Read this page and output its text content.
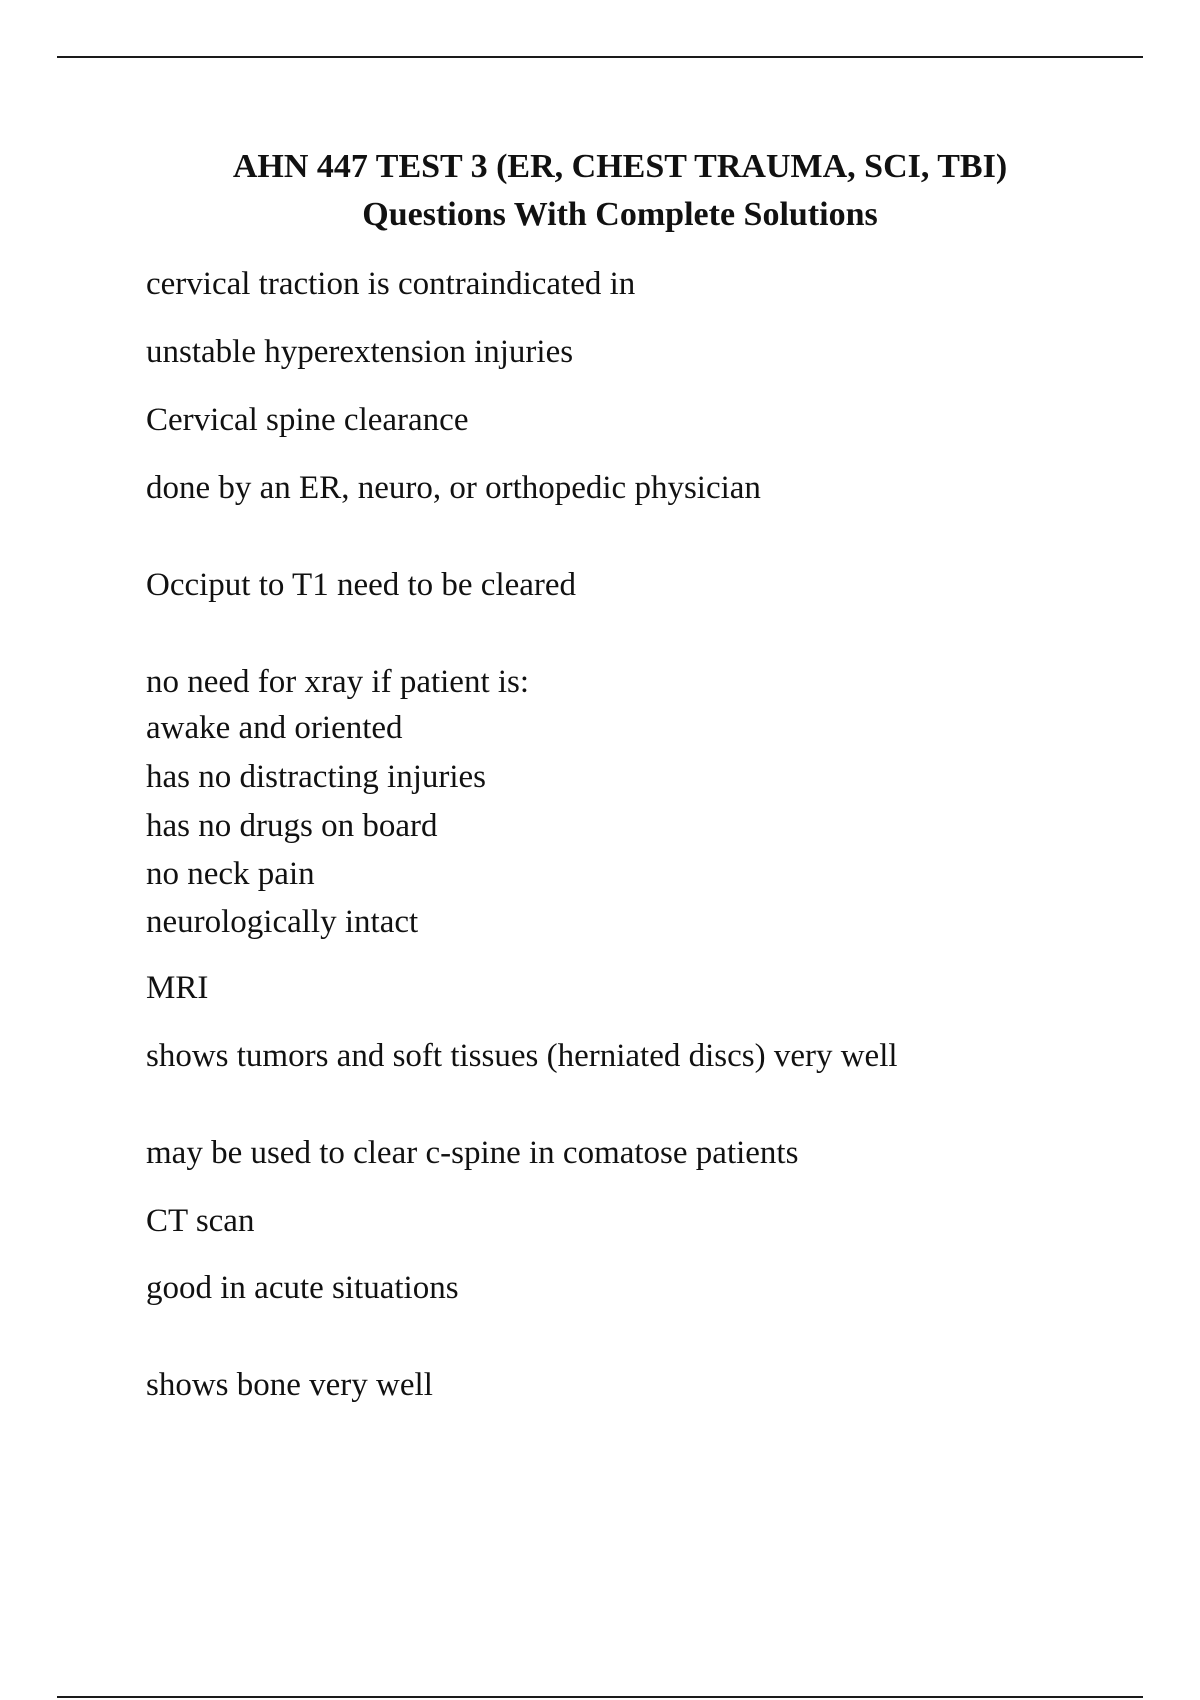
AHN 447 TEST 3 (ER, CHEST TRAUMA, SCI, TBI)
Questions With Complete Solutions
cervical traction is contraindicated in
unstable hyperextension injuries
Cervical spine clearance
done by an ER, neuro, or orthopedic physician
Occiput to T1 need to be cleared
no need for xray if patient is:
awake and oriented
has no distracting injuries
has no drugs on board
no neck pain
neurologically intact
MRI
shows tumors and soft tissues (herniated discs) very well
may be used to clear c-spine in comatose patients
CT scan
good in acute situations
shows bone very well
